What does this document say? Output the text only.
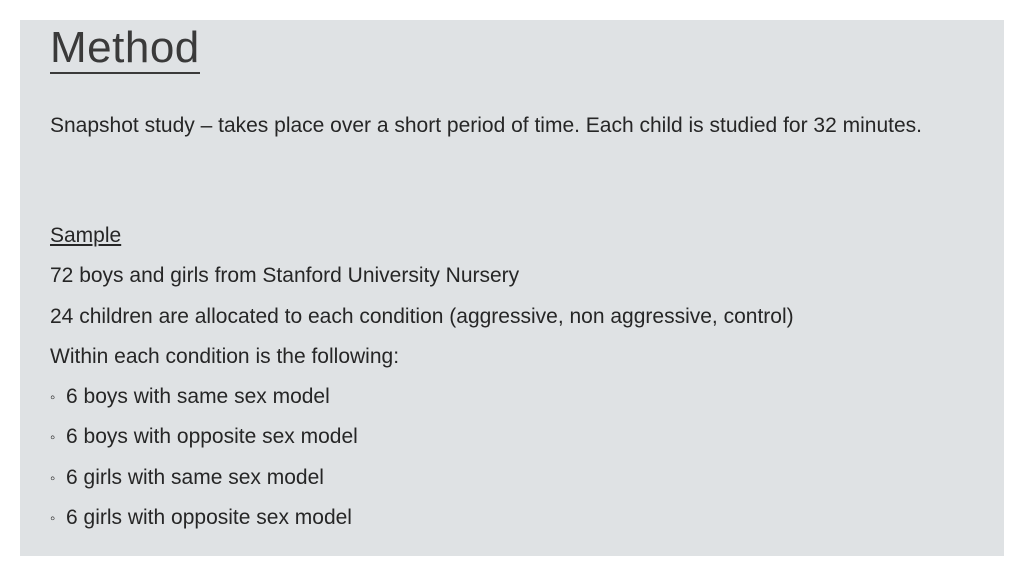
Method

Snapshot study – takes place over a short period of time. Each child is studied for 32 minutes.

Sample
72 boys and girls from Stanford University Nursery
24 children are allocated to each condition (aggressive, non aggressive, control)
Within each condition is the following:
◦ 6 boys with same sex model
◦ 6 boys with opposite sex model
◦ 6 girls with same sex model
◦ 6 girls with opposite sex model
